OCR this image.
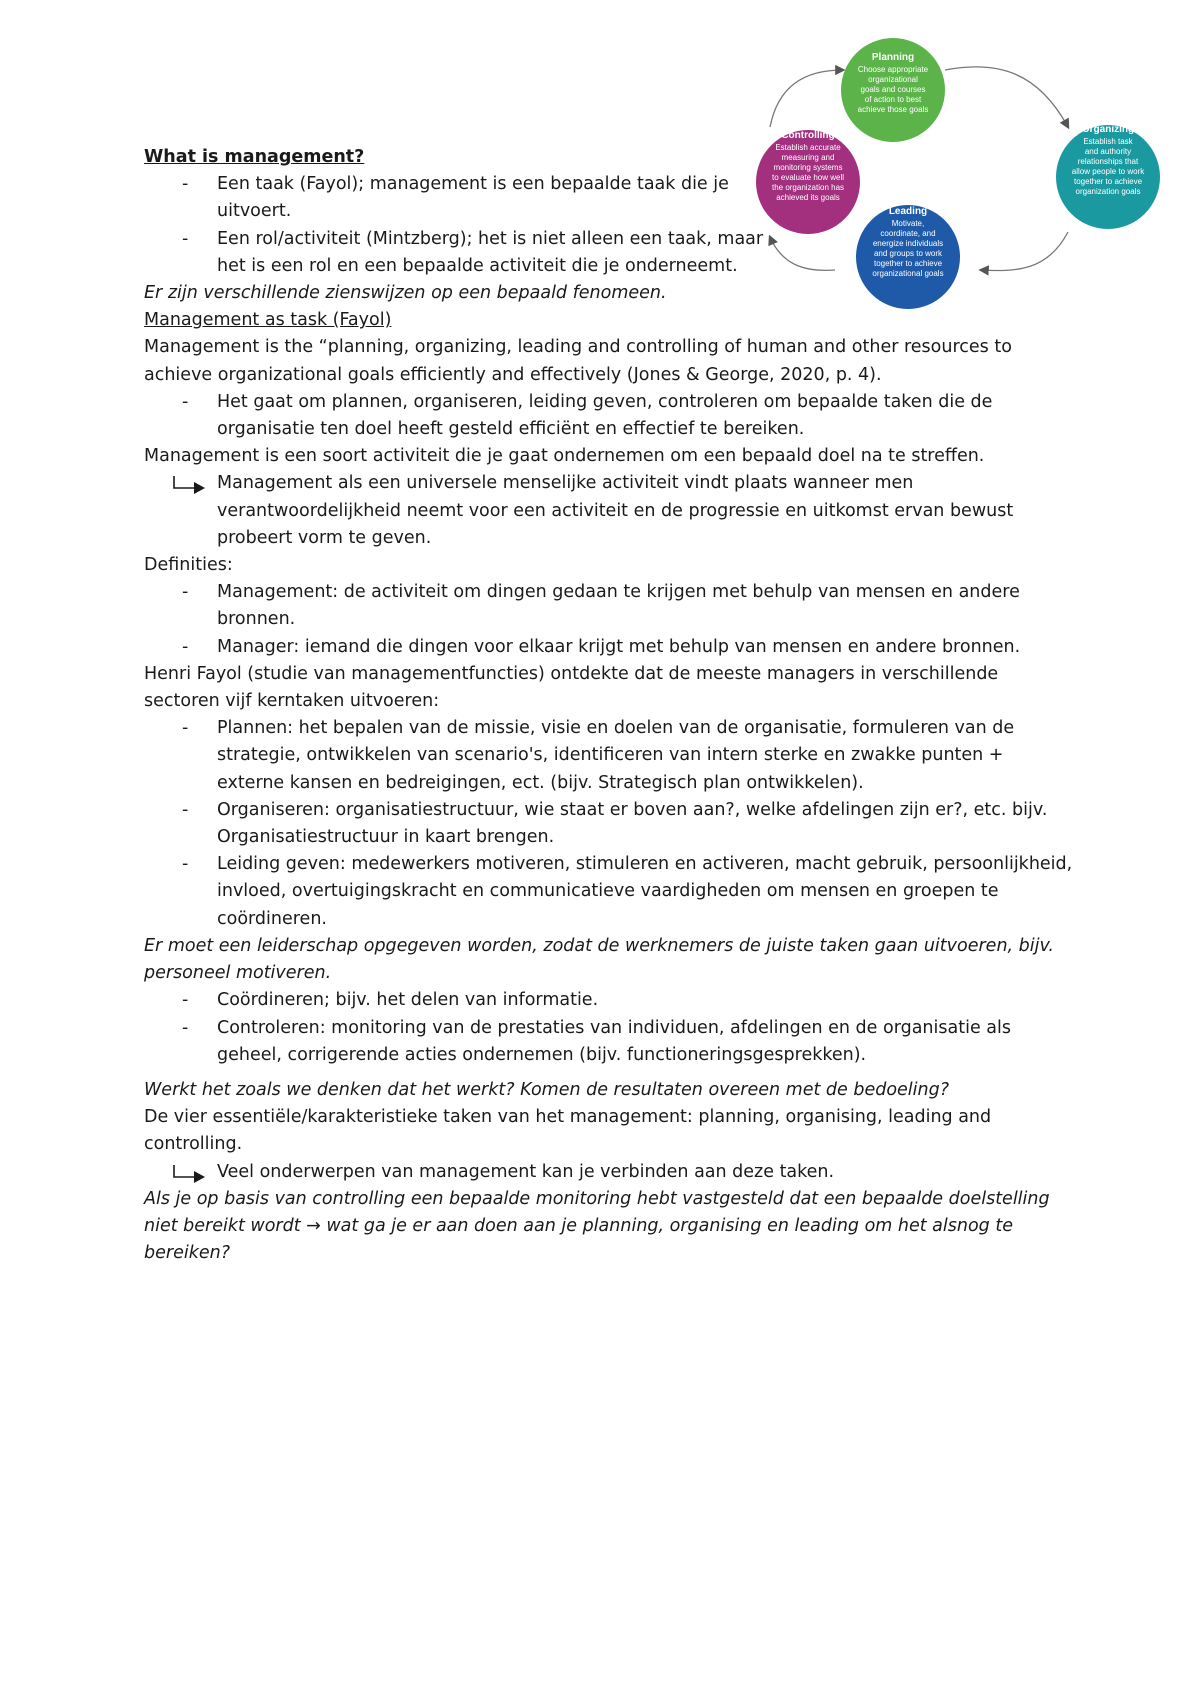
Planning
Choose appropriate
organizational
goals and courses
of action to best
achieve those goals
Organizing
Establish task
and authority
relationships that
allow people to work
together to achieve
organization goals
Leading
Motivate,
coordinate, and
energize individuals
and groups to work
together to achieve
organizational goals
Controlling
Establish accurate
measuring and
monitoring systems
to evaluate how well
the organization has
achieved its goals

What is management?

- Een taak (Fayol); management is een bepaalde taak die je uitvoert.
- Een rol/activiteit (Mintzberg); het is niet alleen een taak, maar het is een rol en een bepaalde activiteit die je onderneemt.

Er zijn verschillende zienswijzen op een bepaald fenomeen.

Management as task (Fayol)

Management is the “planning, organizing, leading and controlling of human and other resources to achieve organizational goals efficiently and effectively (Jones & George, 2020, p. 4).

- Het gaat om plannen, organiseren, leiding geven, controleren om bepaalde taken die de organisatie ten doel heeft gesteld efficiënt en effectief te bereiken.

Management is een soort activiteit die je gaat ondernemen om een bepaald doel na te streffen.

Management als een universele menselijke activiteit vindt plaats wanneer men verantwoordelijkheid neemt voor een activiteit en de progressie en uitkomst ervan bewust probeert vorm te geven.

Definities:

- Management: de activiteit om dingen gedaan te krijgen met behulp van mensen en andere bronnen.
- Manager: iemand die dingen voor elkaar krijgt met behulp van mensen en andere bronnen.

Henri Fayol (studie van managementfuncties) ontdekte dat de meeste managers in verschillende sectoren vijf kerntaken uitvoeren:

- Plannen: het bepalen van de missie, visie en doelen van de organisatie, formuleren van de strategie, ontwikkelen van scenario's, identificeren van intern sterke en zwakke punten + externe kansen en bedreigingen, ect. (bijv. Strategisch plan ontwikkelen).
- Organiseren: organisatiestructuur, wie staat er boven aan?, welke afdelingen zijn er?, etc. bijv. Organisatiestructuur in kaart brengen.
- Leiding geven: medewerkers motiveren, stimuleren en activeren, macht gebruik, persoonlijkheid, invloed, overtuigingskracht en communicatieve vaardigheden om mensen en groepen te coördineren.

Er moet een leiderschap opgegeven worden, zodat de werknemers de juiste taken gaan uitvoeren, bijv. personeel motiveren.

- Coördineren; bijv. het delen van informatie.
- Controleren: monitoring van de prestaties van individuen, afdelingen en de organisatie als geheel, corrigerende acties ondernemen (bijv. functioneringsgesprekken).

Werkt het zoals we denken dat het werkt? Komen de resultaten overeen met de bedoeling?

De vier essentiële/karakteristieke taken van het management: planning, organising, leading and controlling.

Veel onderwerpen van management kan je verbinden aan deze taken.

Als je op basis van controlling een bepaalde monitoring hebt vastgesteld dat een bepaalde doelstelling niet bereikt wordt → wat ga je er aan doen aan je planning, organising en leading om het alsnog te bereiken?
